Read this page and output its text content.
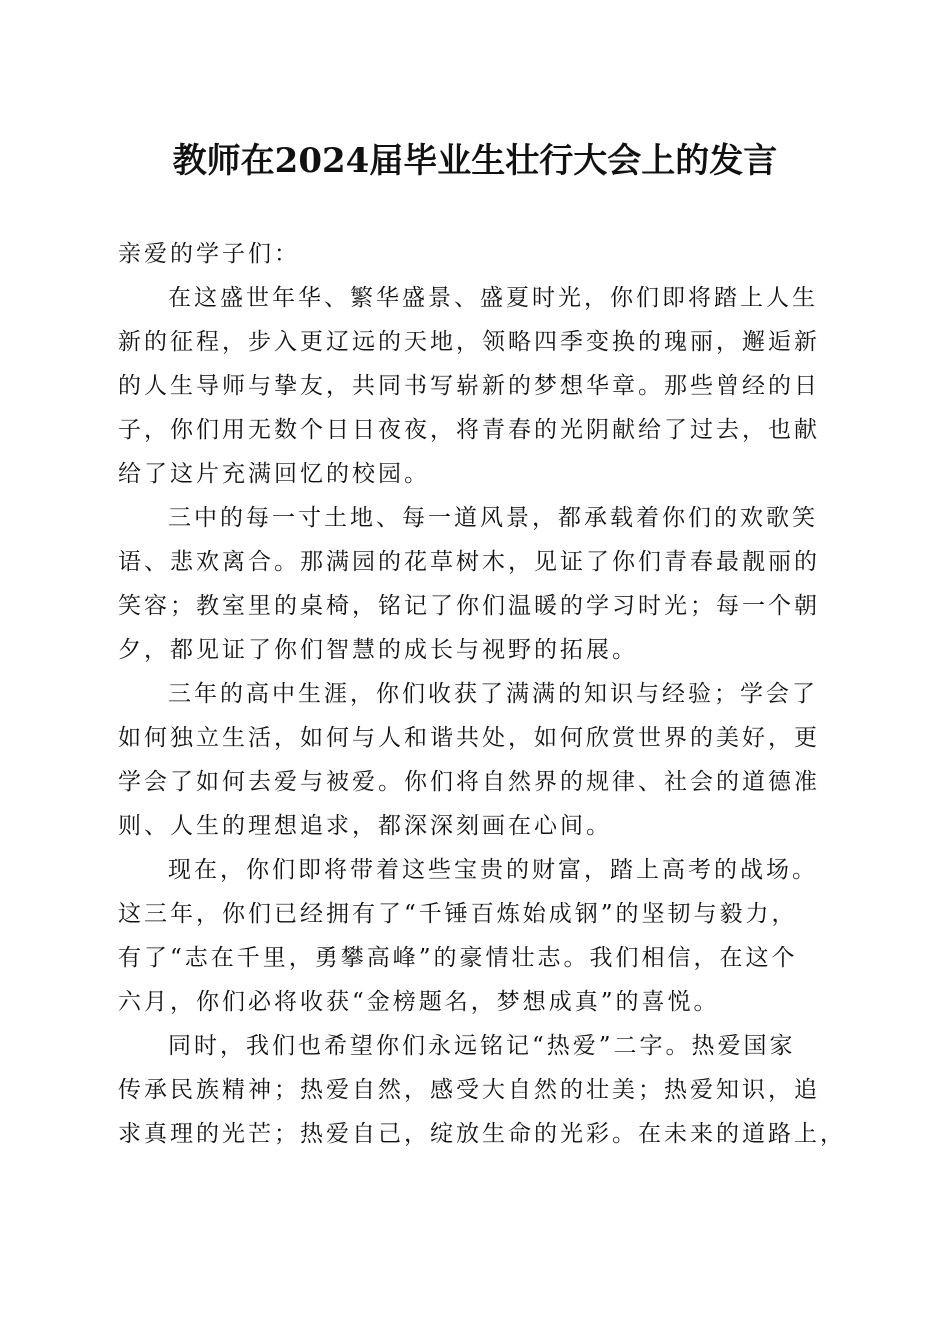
教师在2024届毕业生壮行大会上的发言
亲爱的学子们：
在这盛世年华、繁华盛景、盛夏时光，你们即将踏上人生
新的征程，步入更辽远的天地，领略四季变换的瑰丽，邂逅新
的人生导师与挚友，共同书写崭新的梦想华章。那些曾经的日
子，你们用无数个日日夜夜，将青春的光阴献给了过去，也献
给了这片充满回忆的校园。
三中的每一寸土地、每一道风景，都承载着你们的欢歌笑
语、悲欢离合。那满园的花草树木，见证了你们青春最靓丽的
笑容；教室里的桌椅，铭记了你们温暖的学习时光；每一个朝
夕，都见证了你们智慧的成长与视野的拓展。
三年的高中生涯，你们收获了满满的知识与经验；学会了
如何独立生活，如何与人和谐共处，如何欣赏世界的美好，更
学会了如何去爱与被爱。你们将自然界的规律、社会的道德准
则、人生的理想追求，都深深刻画在心间。
现在，你们即将带着这些宝贵的财富，踏上高考的战场。
这三年，你们已经拥有了“千锤百炼始成钢”的坚韧与毅力，
有了“志在千里，勇攀高峰”的豪情壮志。我们相信，在这个
六月，你们必将收获“金榜题名，梦想成真”的喜悦。
同时，我们也希望你们永远铭记“热爱”二字。热爱国家
传承民族精神；热爱自然，感受大自然的壮美；热爱知识，追
求真理的光芒；热爱自己，绽放生命的光彩。在未来的道路上，
